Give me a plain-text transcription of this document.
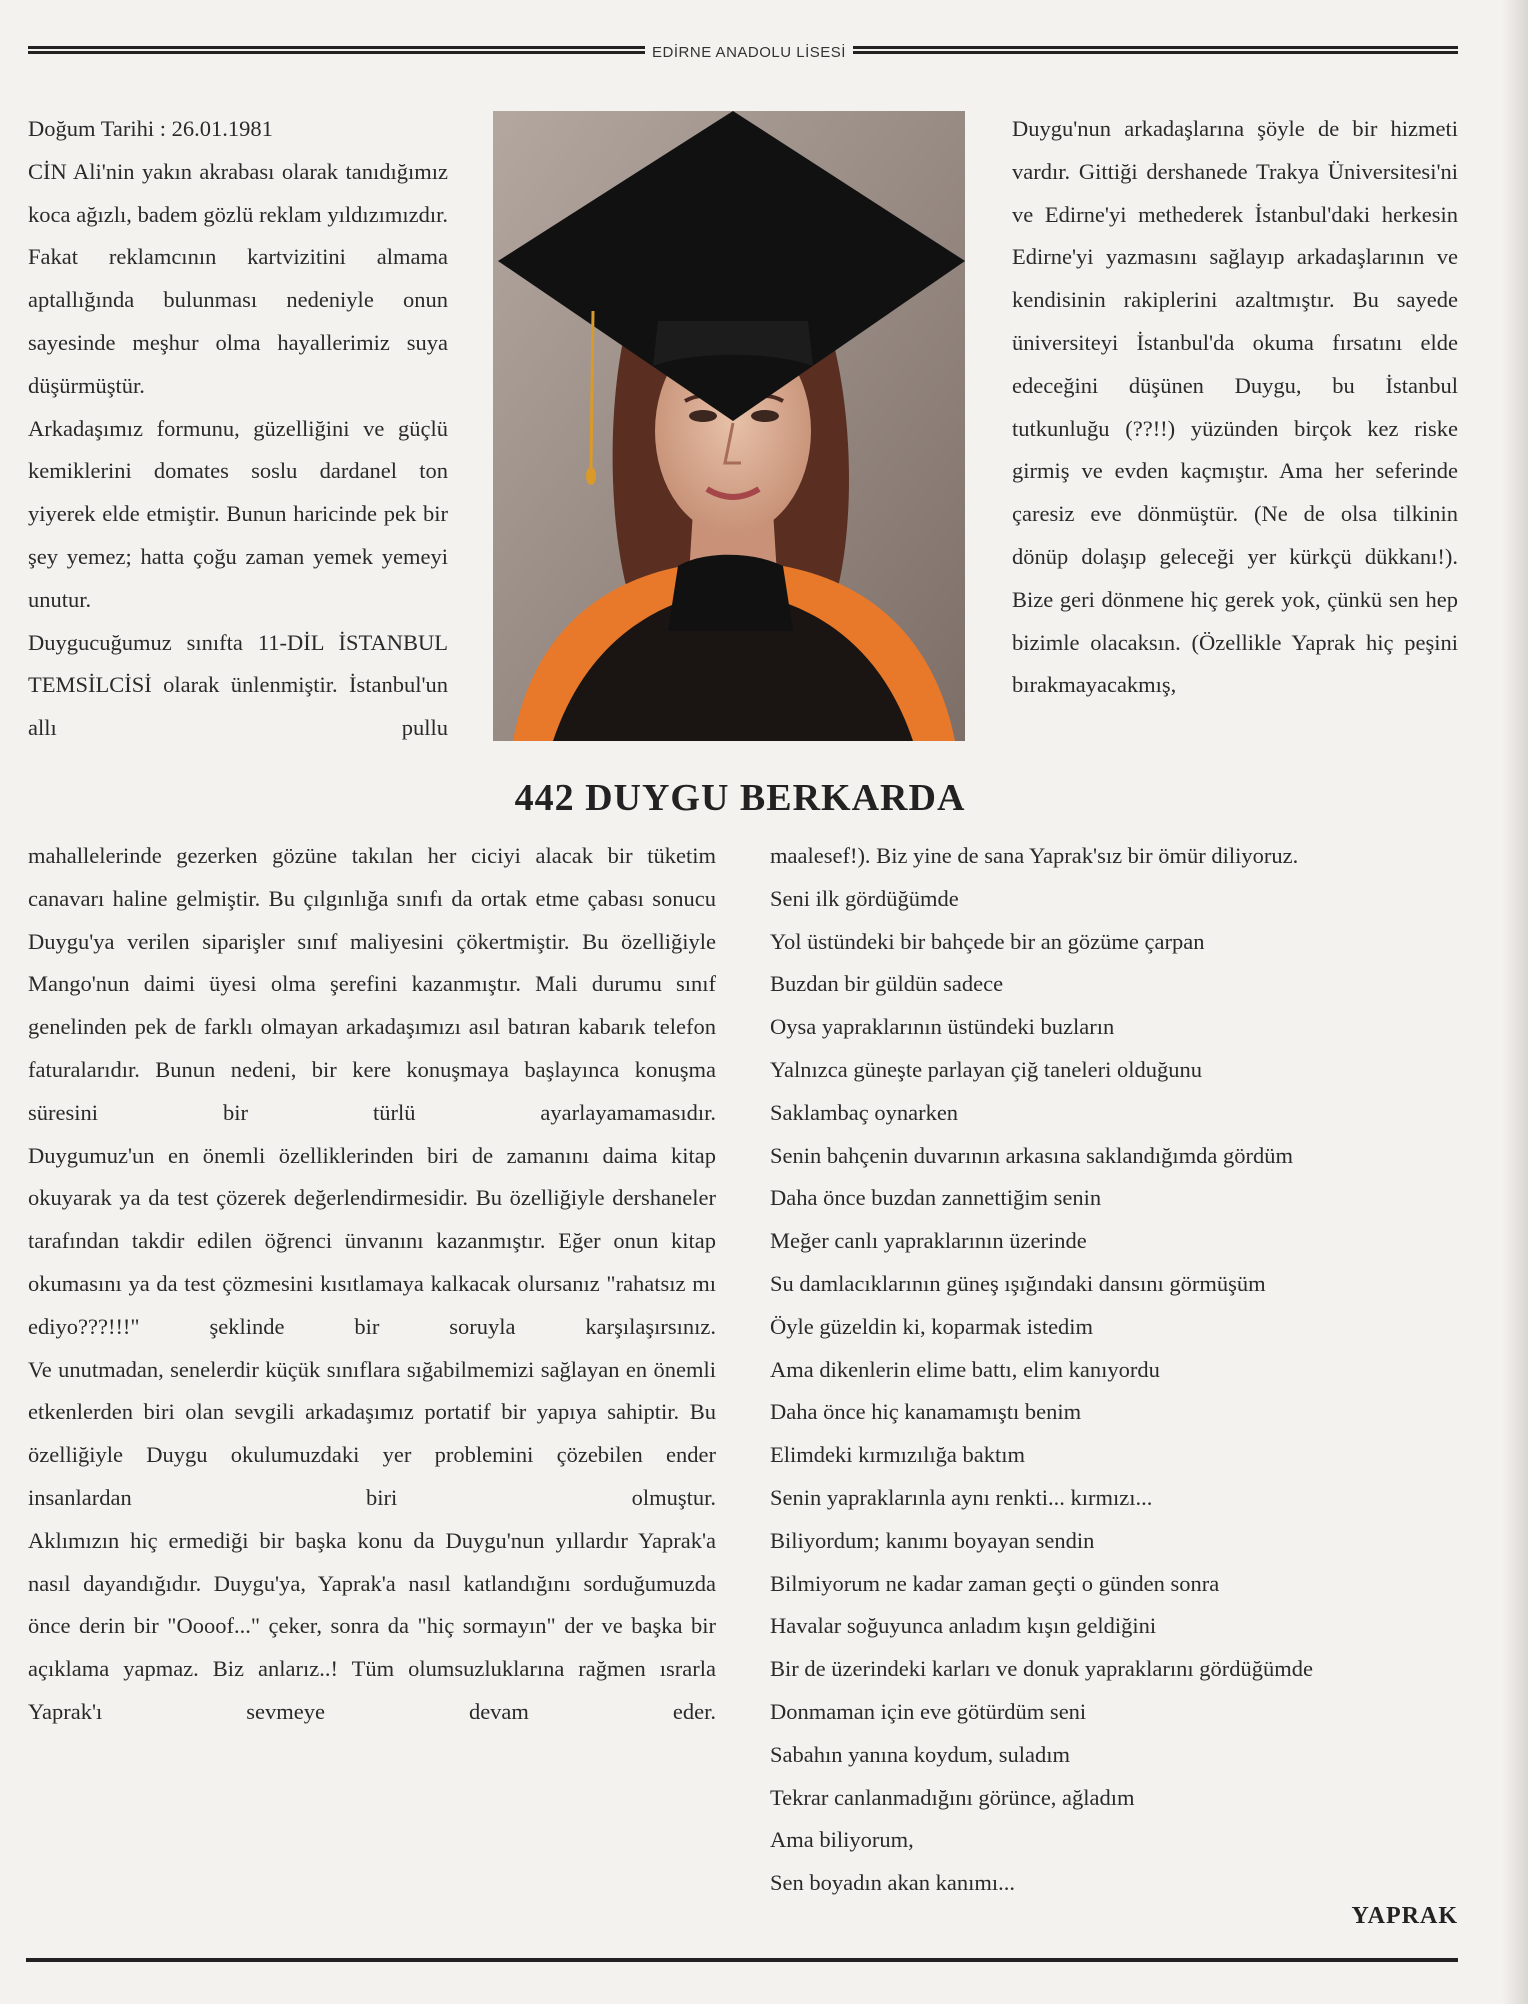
EDİRNE ANADOLU LİSESİ

Doğum Tarihi : 26.01.1981

CİN Ali'nin yakın akrabası olarak tanıdığımız koca ağızlı, badem gözlü reklam yıldızımızdır. Fakat reklamcının kartvizitini almama aptallığında bulunması nedeniyle onun sayesinde meşhur olma hayallerimiz suya düşürmüştür.

Arkadaşımız formunu, güzelliğini ve güçlü kemiklerini domates soslu dardanel ton yiyerek elde etmiştir. Bunun haricinde pek bir şey yemez; hatta çoğu zaman yemek yemeyi unutur.

Duygucuğumuz sınıfta 11-DİL İSTANBUL TEMSİLCİSİ olarak ünlenmiştir. İstanbul'un allı pullu

442 DUYGU BERKARDA

Duygu'nun arkadaşlarına şöyle de bir hizmeti vardır. Gittiği dershanede Trakya Üniversitesi'ni ve Edirne'yi methederek İstanbul'daki herkesin Edirne'yi yazmasını sağlayıp arkadaşlarının ve kendisinin rakiplerini azaltmıştır. Bu sayede üniversiteyi İstanbul'da okuma fırsatını elde edeceğini düşünen Duygu, bu İstanbul tutkunluğu (??!!) yüzünden birçok kez riske girmiş ve evden kaçmıştır. Ama her seferinde çaresiz eve dönmüştür. (Ne de olsa tilkinin dönüp dolaşıp geleceği yer kürkçü dükkanı!).

Bize geri dönmene hiç gerek yok, çünkü sen hep bizimle olacaksın. (Özellikle Yaprak hiç peşini bırakmayacakmış,

mahallelerinde gezerken gözüne takılan her ciciyi alacak bir tüketim canavarı haline gelmiştir. Bu çılgınlığa sınıfı da ortak etme çabası sonucu Duygu'ya verilen siparişler sınıf maliyesini çökertmiştir. Bu özelliğiyle Mango'nun daimi üyesi olma şerefini kazanmıştır. Mali durumu sınıf genelinden pek de farklı olmayan arkadaşımızı asıl batıran kabarık telefon faturalarıdır. Bunun nedeni, bir kere konuşmaya başlayınca konuşma süresini bir türlü ayarlayamamasıdır.

Duygumuz'un en önemli özelliklerinden biri de zamanını daima kitap okuyarak ya da test çözerek değerlendirmesidir. Bu özelliğiyle dershaneler tarafından takdir edilen öğrenci ünvanını kazanmıştır. Eğer onun kitap okumasını ya da test çözmesini kısıtlamaya kalkacak olursanız "rahatsız mı ediyo???!!!" şeklinde bir soruyla karşılaşırsınız.

Ve unutmadan, senelerdir küçük sınıflara sığabilmemizi sağlayan en önemli etkenlerden biri olan sevgili arkadaşımız portatif bir yapıya sahiptir. Bu özelliğiyle Duygu okulumuzdaki yer problemini çözebilen ender insanlardan biri olmuştur.

Aklımızın hiç ermediği bir başka konu da Duygu'nun yıllardır Yaprak'a nasıl dayandığıdır. Duygu'ya, Yaprak'a nasıl katlandığını sorduğumuzda önce derin bir "Oooof..." çeker, sonra da "hiç sormayın" der ve başka bir açıklama yapmaz. Biz anlarız..! Tüm olumsuzluklarına rağmen ısrarla Yaprak'ı sevmeye devam eder.

maalesef!). Biz yine de sana Yaprak'sız bir ömür diliyoruz.

Seni ilk gördüğümde

Yol üstündeki bir bahçede bir an gözüme çarpan

Buzdan bir güldün sadece

Oysa yapraklarının üstündeki buzların

Yalnızca güneşte parlayan çiğ taneleri olduğunu

Saklambaç oynarken

Senin bahçenin duvarının arkasına saklandığımda gördüm

Daha önce buzdan zannettiğim senin

Meğer canlı yapraklarının üzerinde

Su damlacıklarının güneş ışığındaki dansını görmüşüm

Öyle güzeldin ki, koparmak istedim

Ama dikenlerin elime battı, elim kanıyordu

Daha önce hiç kanamamıştı benim

Elimdeki kırmızılığa baktım

Senin yapraklarınla aynı renkti... kırmızı...

Biliyordum; kanımı boyayan sendin

Bilmiyorum ne kadar zaman geçti o günden sonra

Havalar soğuyunca anladım kışın geldiğini

Bir de üzerindeki karları ve donuk yapraklarını gördüğümde

Donmaman için eve götürdüm seni

Sabahın yanına koydum, suladım

Tekrar canlanmadığını görünce, ağladım

Ama biliyorum,

Sen boyadın akan kanımı...

YAPRAK
